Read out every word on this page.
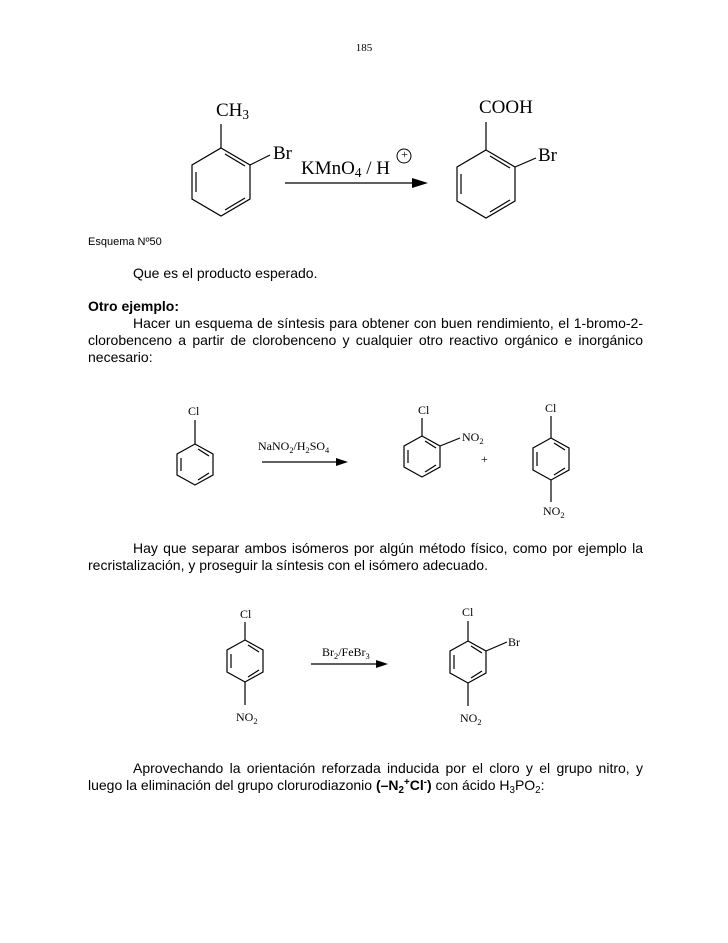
185
$CH_3$
Br
KMnO$_4$ / H
+
COOH
Br
Esquema Nº50
Que es el producto esperado.
Otro ejemplo:
Hacer un esquema de síntesis para obtener con buen rendimiento, el 1-bromo-2-clorobenceno a partir de clorobenceno y cualquier otro reactivo orgánico e inorgánico necesario:
Cl
$NaNO_2/H_2SO_4$
Cl
$NO_2$
+
Cl
$NO_2$
Hay que separar ambos isómeros por algún método físico, como por ejemplo la recristalización, y proseguir la síntesis con el isómero adecuado.
Cl
$NO_2$
$Br_2/FeBr_3$
Cl
Br
$NO_2$
Aprovechando la orientación reforzada inducida por el cloro y el grupo nitro, y luego la eliminación del grupo clorurodiazonio $(-N_2^+Cl^-)$ con ácido $H_3PO_2$:
